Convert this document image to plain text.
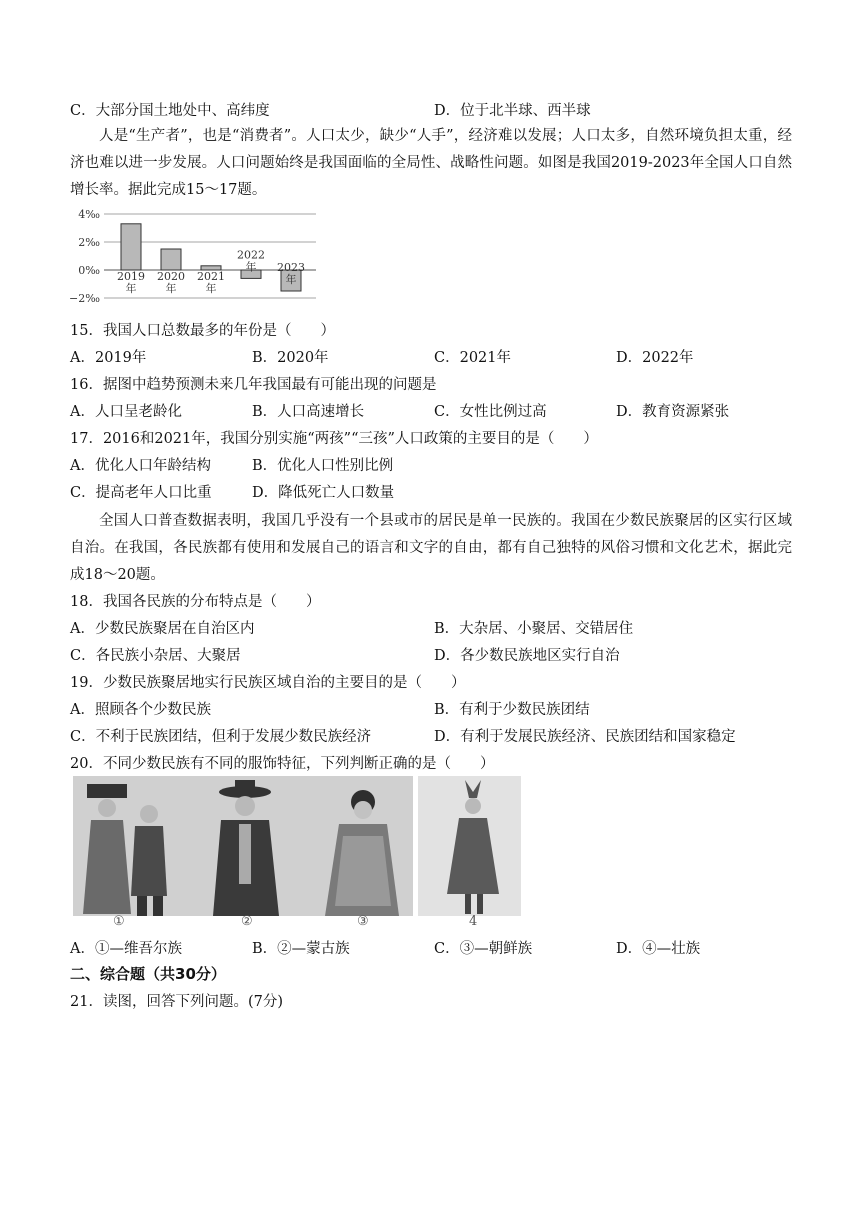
C．大部分国土地处中、高纬度	D．位于北半球、西半球
人是“生产者”，也是“消费者”。人口太少，缺少“人手”，经济难以发展；人口太多，自然环境负担太重，经济也难以进一步发展。人口问题始终是我国面临的全局性、战略性问题。如图是我国2019-2023年全国人口自然增长率。据此完成15～17题。
4‰
2‰
0‰
−2‰
2019
年
2020
年
2021
年
2022
年 2023
年
15．我国人口总数最多的年份是（　　）
A．2019年	B．2020年	C．2021年	D．2022年
16．据图中趋势预测未来几年我国最有可能出现的问题是
A．人口呈老龄化	B．人口高速增长	C．女性比例过高	D．教育资源紧张
17．2016和2021年，我国分别实施“两孩”“三孩”人口政策的主要目的是（　　）
A．优化人口年龄结构	B．优化人口性别比例
C．提高老年人口比重	D．降低死亡人口数量
全国人口普查数据表明，我国几乎没有一个县或市的居民是单一民族的。我国在少数民族聚居的区实行区域自治。在我国，各民族都有使用和发展自己的语言和文字的自由，都有自己独特的风俗习惯和文化艺术，据此完成18～20题。
18．我国各民族的分布特点是（　　）
A．少数民族聚居在自治区内	B．大杂居、小聚居、交错居住
C．各民族小杂居、大聚居	D．各少数民族地区实行自治
19．少数民族聚居地实行民族区域自治的主要目的是（　　）
A．照顾各个少数民族	B．有利于少数民族团结
C．不利于民族团结，但利于发展少数民族经济	D．有利于发展民族经济、民族团结和国家稳定
20．不同少数民族有不同的服饰特征，下列判断正确的是（　　）
①	②	③	4
A．①—维吾尔族	B．②—蒙古族	C．③—朝鲜族	D．④—壮族
二、综合题（共30分）
21．读图，回答下列问题。(7分)
